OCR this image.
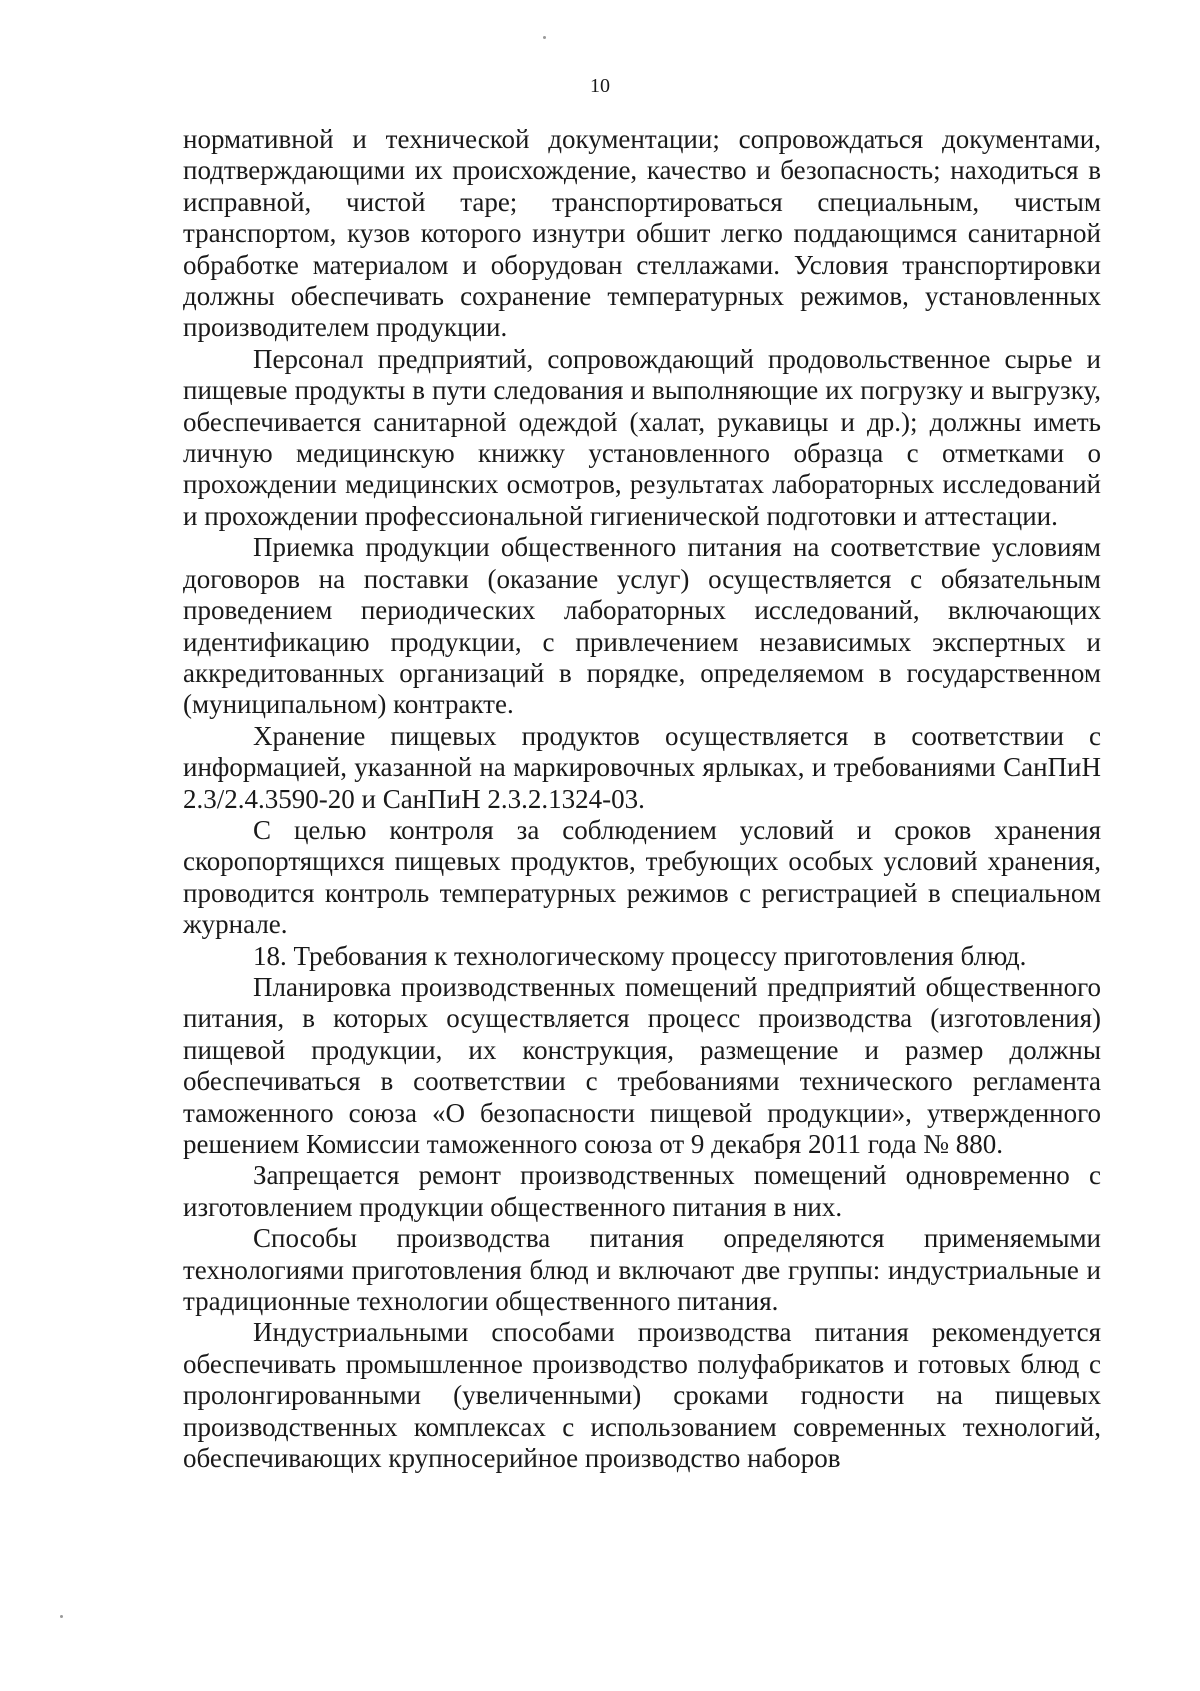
10

нормативной и технической документации; сопровождаться документами, подтверждающими их происхождение, качество и безопасность; находиться в исправной, чистой таре; транспортироваться специальным, чистым транспортом, кузов которого изнутри обшит легко поддающимся санитарной обработке материалом и оборудован стеллажами. Условия транспортировки должны обеспечивать сохранение температурных режимов, установленных производителем продукции.

Персонал предприятий, сопровождающий продовольственное сырье и пищевые продукты в пути следования и выполняющие их погрузку и выгрузку, обеспечивается санитарной одеждой (халат, рукавицы и др.); должны иметь личную медицинскую книжку установленного образца с отметками о прохождении медицинских осмотров, результатах лабораторных исследований и прохождении профессиональной гигиенической подготовки и аттестации.

Приемка продукции общественного питания на соответствие условиям договоров на поставки (оказание услуг) осуществляется с обязательным проведением периодических лабораторных исследований, включающих идентификацию продукции, с привлечением независимых экспертных и аккредитованных организаций в порядке, определяемом в государственном (муниципальном) контракте.

Хранение пищевых продуктов осуществляется в соответствии с информацией, указанной на маркировочных ярлыках, и требованиями СанПиН 2.3/2.4.3590-20 и СанПиН 2.3.2.1324-03.

С целью контроля за соблюдением условий и сроков хранения скоропортящихся пищевых продуктов, требующих особых условий хранения, проводится контроль температурных режимов с регистрацией в специальном журнале.

18. Требования к технологическому процессу приготовления блюд.

Планировка производственных помещений предприятий общественного питания, в которых осуществляется процесс производства (изготовления) пищевой продукции, их конструкция, размещение и размер должны обеспечиваться в соответствии с требованиями технического регламента таможенного союза «О безопасности пищевой продукции», утвержденного решением Комиссии таможенного союза от 9 декабря 2011 года № 880.

Запрещается ремонт производственных помещений одновременно с изготовлением продукции общественного питания в них.

Способы производства питания определяются применяемыми технологиями приготовления блюд и включают две группы: индустриальные и традиционные технологии общественного питания.

Индустриальными способами производства питания рекомендуется обеспечивать промышленное производство полуфабрикатов и готовых блюд с пролонгированными (увеличенными) сроками годности на пищевых производственных комплексах с использованием современных технологий, обеспечивающих крупносерийное производство наборов
